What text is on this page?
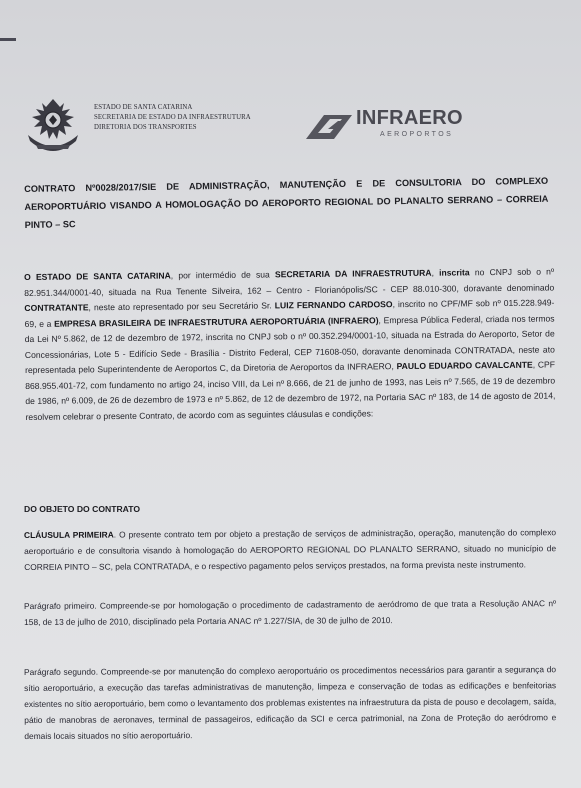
ESTADO DE SANTA CATARINA
SECRETARIA DE ESTADO DA INFRAESTRUTURA
DIRETORIA DOS TRANSPORTES	INFRAERO
AEROPORTOS
CONTRATO Nº0028/2017/SIE DE ADMINISTRAÇÃO, MANUTENÇÃO E DE CONSULTORIA DO COMPLEXO AEROPORTUÁRIO VISANDO A HOMOLOGAÇÃO DO AEROPORTO REGIONAL DO PLANALTO SERRANO – CORREIA PINTO – SC
O ESTADO DE SANTA CATARINA, por intermédio de sua SECRETARIA DA INFRAESTRUTURA, inscrita no CNPJ sob o nº 82.951.344/0001-40, situada na Rua Tenente Silveira, 162 – Centro - Florianópolis/SC - CEP 88.010-300, doravante denominado CONTRATANTE, neste ato representado por seu Secretário Sr. LUIZ FERNANDO CARDOSO, inscrito no CPF/MF sob nº 015.228.949-69, e a EMPRESA BRASILEIRA DE INFRAESTRUTURA AEROPORTUÁRIA (INFRAERO), Empresa Pública Federal, criada nos termos da Lei Nº 5.862, de 12 de dezembro de 1972, inscrita no CNPJ sob o nº 00.352.294/0001-10, situada na Estrada do Aeroporto, Setor de Concessionárias, Lote 5 - Edifício Sede - Brasília - Distrito Federal, CEP 71608-050, doravante denominada CONTRATADA, neste ato representada pelo Superintendente de Aeroportos C, da Diretoria de Aeroportos da INFRAERO, PAULO EDUARDO CAVALCANTE, CPF 868.955.401-72, com fundamento no artigo 24, inciso VIII, da Lei nº 8.666, de 21 de junho de 1993, nas Leis nº 7.565, de 19 de dezembro de 1986, nº 6.009, de 26 de dezembro de 1973 e nº 5.862, de 12 de dezembro de 1972, na Portaria SAC nº 183, de 14 de agosto de 2014, resolvem celebrar o presente Contrato, de acordo com as seguintes cláusulas e condições:
DO OBJETO DO CONTRATO
CLÁUSULA PRIMEIRA. O presente contrato tem por objeto a prestação de serviços de administração, operação, manutenção do complexo aeroportuário e de consultoria visando à homologação do AEROPORTO REGIONAL DO PLANALTO SERRANO, situado no município de CORREIA PINTO – SC, pela CONTRATADA, e o respectivo pagamento pelos serviços prestados, na forma prevista neste instrumento.
Parágrafo primeiro. Compreende-se por homologação o procedimento de cadastramento de aeródromo de que trata a Resolução ANAC nº 158, de 13 de julho de 2010, disciplinado pela Portaria ANAC nº 1.227/SIA, de 30 de julho de 2010.
Parágrafo segundo. Compreende-se por manutenção do complexo aeroportuário os procedimentos necessários para garantir a segurança do sítio aeroportuário, a execução das tarefas administrativas de manutenção, limpeza e conservação de todas as edificações e benfeitorias existentes no sítio aeroportuário, bem como o levantamento dos problemas existentes na infraestrutura da pista de pouso e decolagem, saída, pátio de manobras de aeronaves, terminal de passageiros, edificação da SCI e cerca patrimonial, na Zona de Proteção do aeródromo e demais locais situados no sítio aeroportuário.
